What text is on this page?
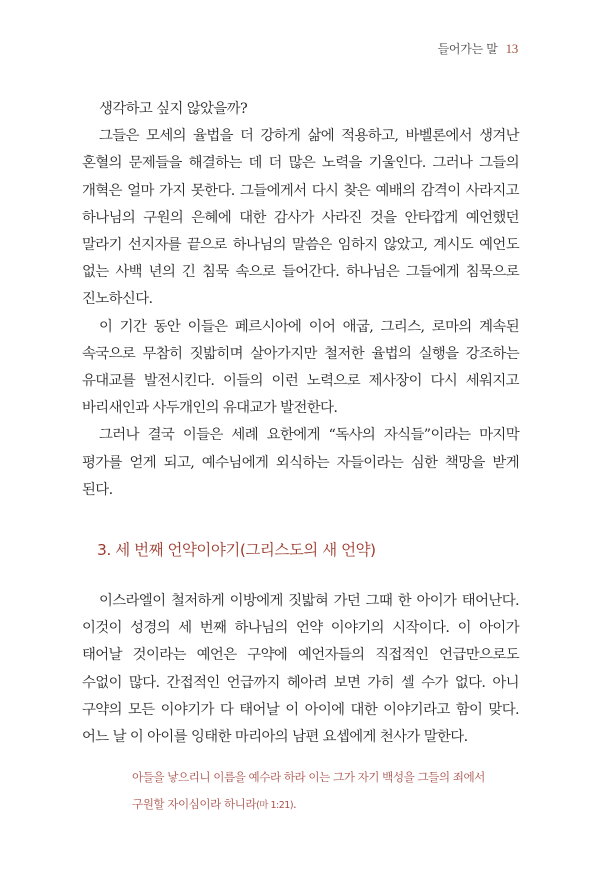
들어가는 말 13

생각하고 싶지 않았을까?

그들은 모세의 율법을 더 강하게 삶에 적용하고, 바벨론에서 생겨난 혼혈의 문제들을 해결하는 데 더 많은 노력을 기울인다. 그러나 그들의 개혁은 얼마 가지 못한다. 그들에게서 다시 찾은 예배의 감격이 사라지고 하나님의 구원의 은혜에 대한 감사가 사라진 것을 안타깝게 예언했던 말라기 선지자를 끝으로 하나님의 말씀은 임하지 않았고, 계시도 예언도 없는 사백 년의 긴 침묵 속으로 들어간다. 하나님은 그들에게 침묵으로 진노하신다.

이 기간 동안 이들은 페르시아에 이어 애굽, 그리스, 로마의 계속된 속국으로 무참히 짓밟히며 살아가지만 철저한 율법의 실행을 강조하는 유대교를 발전시킨다. 이들의 이런 노력으로 제사장이 다시 세워지고 바리새인과 사두개인의 유대교가 발전한다.

그러나 결국 이들은 세례 요한에게 “독사의 자식들”이라는 마지막 평가를 얻게 되고, 예수님에게 외식하는 자들이라는 심한 책망을 받게 된다.

3. 세 번째 언약이야기(그리스도의 새 언약)

이스라엘이 철저하게 이방에게 짓밟혀 가던 그때 한 아이가 태어난다. 이것이 성경의 세 번째 하나님의 언약 이야기의 시작이다. 이 아이가 태어날 것이라는 예언은 구약에 예언자들의 직접적인 언급만으로도 수없이 많다. 간접적인 언급까지 헤아려 보면 가히 셀 수가 없다. 아니 구약의 모든 이야기가 다 태어날 이 아이에 대한 이야기라고 함이 맞다. 어느 날 이 아이를 잉태한 마리아의 남편 요셉에게 천사가 말한다.

아들을 낳으리니 이름을 예수라 하라 이는 그가 자기 백성을 그들의 죄에서 구원할 자이심이라 하니라(마 1:21).
